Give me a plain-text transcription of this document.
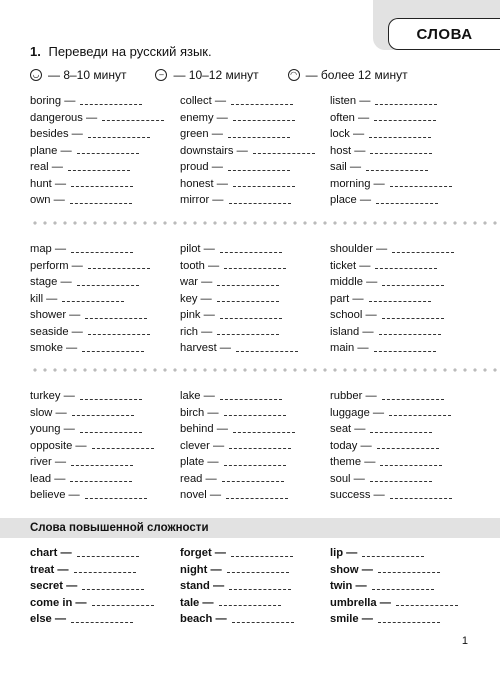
СЛОВА
1. Переведи на русский язык.
◡ — 8–10 минут	– — 10–12 минут	◠ — более 12 минут
boring —	collect —	listen —
dangerous —	enemy —	often —
besides —	green —	lock —
plane —	downstairs —	host —
real —	proud —	sail —
hunt —	honest —	morning —
own —	mirror —	place —
map —	pilot —	shoulder —
perform —	tooth —	ticket —
stage —	war —	middle —
kill —	key —	part —
shower —	pink —	school —
seaside —	rich —	island —
smoke —	harvest —	main —
turkey —	lake —	rubber —
slow —	birch —	luggage —
young —	behind —	seat —
opposite —	clever —	today —
river —	plate —	theme —
lead —	read —	soul —
believe —	novel —	success —
Слова повышенной сложности
chart —	forget —	lip —
treat —	night —	show —
secret —	stand —	twin —
come in —	tale —	umbrella —
else —	beach —	smile —
1
